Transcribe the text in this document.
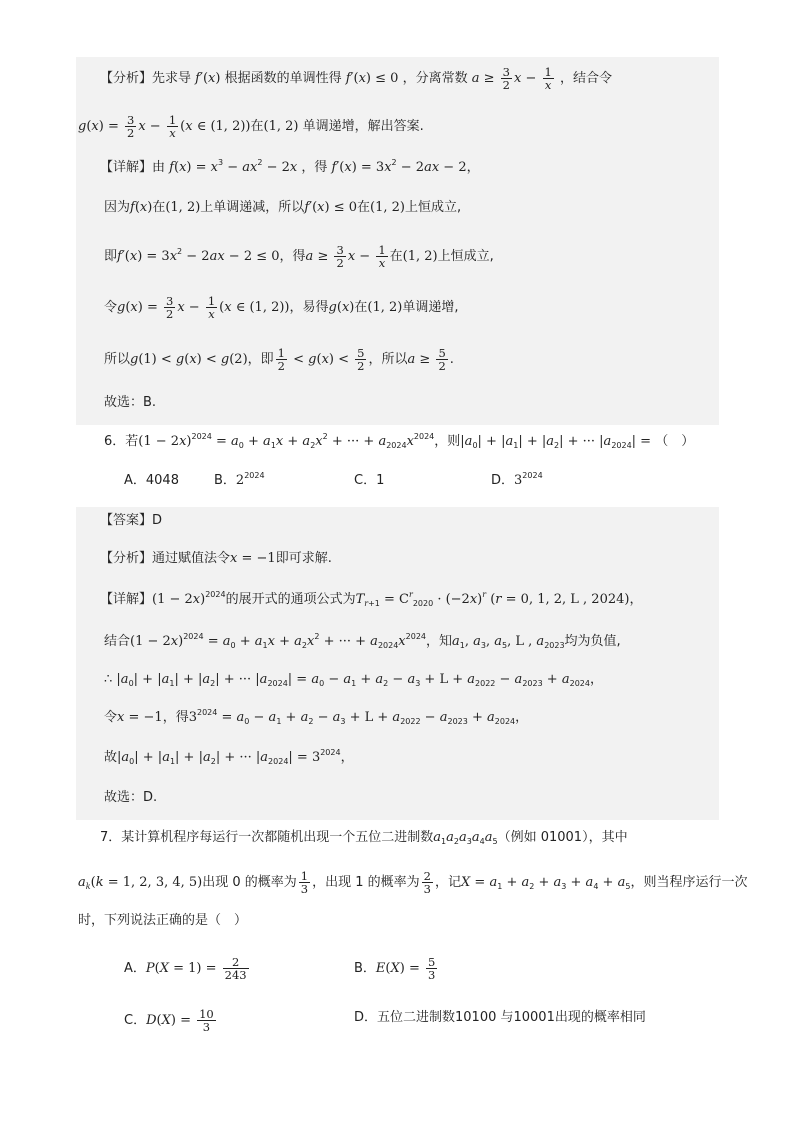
【分析】先求导 f′(x) 根据函数的单调性得 f′(x) ≤ 0 ，分离常数 $a \ge \frac{3}{2}$ $x - \frac{1}{x}$ ，结合令
$g(x) = \frac{3}{2}$ $x - \frac{1}{x} (x$ ∈ (1, 2))在(1, 2) 单调递增，解出答案.
【详解】由 $f(x) = x^3 - ax^2 - 2x$ ，得 $f'(x) = 3x^2 - 2ax - 2$，
因为f(x)在(1, 2)上单调递减，所以f′(x) ≤ 0在(1, 2)上恒成立,
即$f'(x) = 3x^2 - 2ax - 2 \le 0$，得$a \ge \frac{3}{2}$ $x - \frac{1}{x}$ 在(1, 2)上恒成立,
令$g(x) = \frac{3}{2}$ $x - \frac{1}{x} (x$ ∈ (1, 2))，易得g(x)在(1, 2)单调递增,
所以g(1) < g(x) < g(2)，即 $\frac{1}{2} < g(x) < \frac{5}{2}$ ，所以$a \ge \frac{5}{2}$ .
故选：B.
6．若$(1 - 2x)^{2024} = a_0 + a_1x + a_2x^2$ + ··· + $a_{2024}x^{2024}$，则$|a_0| + |a_1| + |a_2|$ + ··· $|a_{2024}|$ = （　）
A．4048	B．$2^{2024}$	C．1	D．$3^{2024}$
【答案】D
【分析】通过赋值法令x = −1即可求解.
【详解】$(1 - 2x)^{2024}$的展开式的通项公式为$T_{r+1} = C^r_{2020} \cdot (-2x)^r$ (r = 0, 1, 2, L , 2024)，
结合$(1 - 2x)^{2024} = a_0 + a_1x + a_2x^2$ + ··· + $a_{2024}x^{2024}$，知$a_1$, $a_3$, $a_5$, L , $a_{2023}$均为负值,
∴ $|a_0| + |a_1| + |a_2|$ + ··· $|a_{2024}| = a_0 - a_1 + a_2 - a_3 + L + a_{2022} - a_{2023} + a_{2024}$，
令x = −1，得$3^{2024} = a_0 - a_1 + a_2 - a_3 + L + a_{2022} - a_{2023} + a_{2024}$，
故$|a_0| + |a_1| + |a_2|$ + ··· $|a_{2024}| = 3^{2024}$，
故选：D.
7．某计算机程序每运行一次都随机出现一个五位二进制数$a_1a_2a_3a_4a_5$（例如 01001），其中
$a_k(k = 1$, 2, 3, 4, 5)出现 0 的概率为 $\frac{1}{3}$ ，出现 1 的概率为 $\frac{2}{3}$ ，记$X = a_1 + a_2 + a_3 + a_4 + a_5$，则当程序运行一次
时，下列说法正确的是（　）
A．$P(X = 1) = \frac{2}{243}$	B．$E(X) = \frac{5}{3}$
C．$D(X) = \frac{10}{3}$	D．五位二进制数10100 与10001出现的概率相同
